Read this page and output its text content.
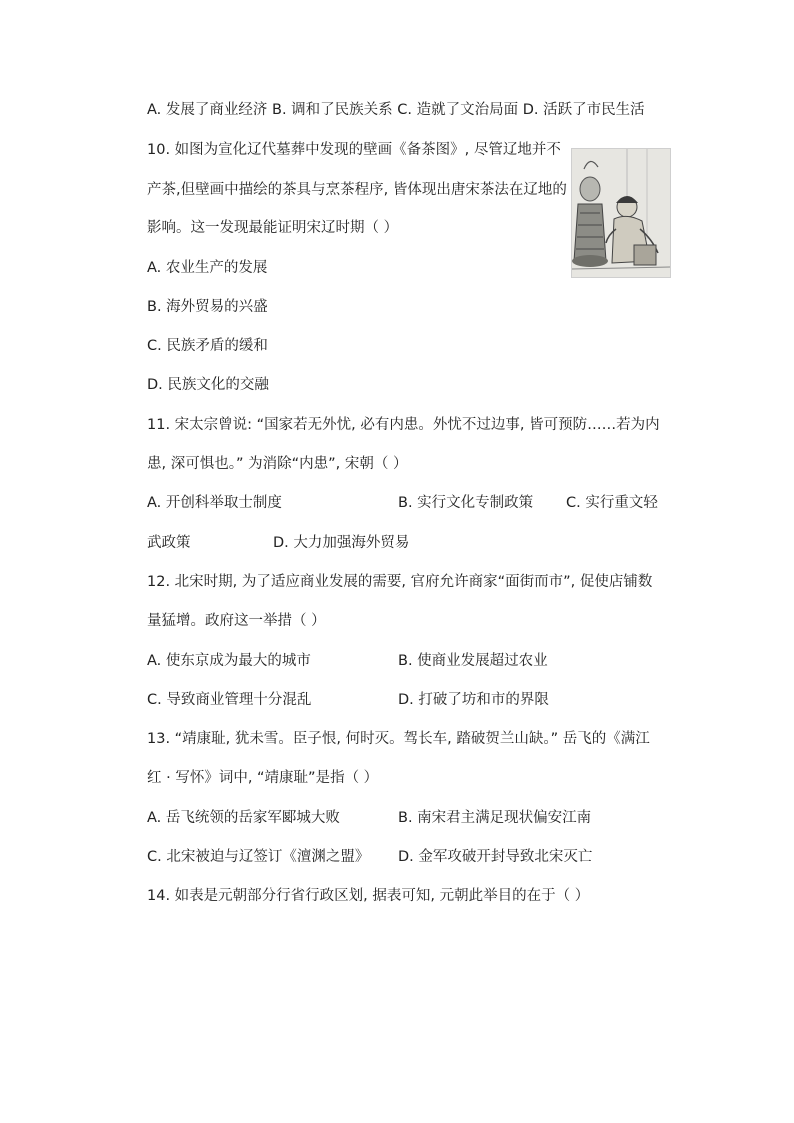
A. 发展了商业经济 B. 调和了民族关系 C. 造就了文治局面 D. 活跃了市民生活
10. 如图为宣化辽代墓葬中发现的壁画《备茶图》, 尽管辽地并不
产茶,但壁画中描绘的茶具与烹茶程序, 皆体现出唐宋茶法在辽地的
影响。这一发现最能证明宋辽时期（ ）
A. 农业生产的发展
B. 海外贸易的兴盛
C. 民族矛盾的缓和
D. 民族文化的交融
11. 宋太宗曾说: “国家若无外忧, 必有内患。外忧不过边事, 皆可预防……若为内
患, 深可惧也。” 为消除“内患”, 宋朝（ ）
A. 开创科举取士制度	B. 实行文化专制政策 C. 实行重文轻
武政策	D. 大力加强海外贸易
12. 北宋时期, 为了适应商业发展的需要, 官府允许商家“面街而市”, 促使店铺数
量猛增。政府这一举措（ ）
A. 使东京成为最大的城市	B. 使商业发展超过农业
C. 导致商业管理十分混乱	D. 打破了坊和市的界限
13. “靖康耻, 犹未雪。臣子恨, 何时灭。驾长车, 踏破贺兰山缺。” 岳飞的《满江
红 · 写怀》词中, “靖康耻”是指（ ）
A. 岳飞统领的岳家军郾城大败	B. 南宋君主满足现状偏安江南
C. 北宋被迫与辽签订《澶渊之盟》 D. 金军攻破开封导致北宋灭亡
14. 如表是元朝部分行省行政区划, 据表可知, 元朝此举目的在于（ ）
